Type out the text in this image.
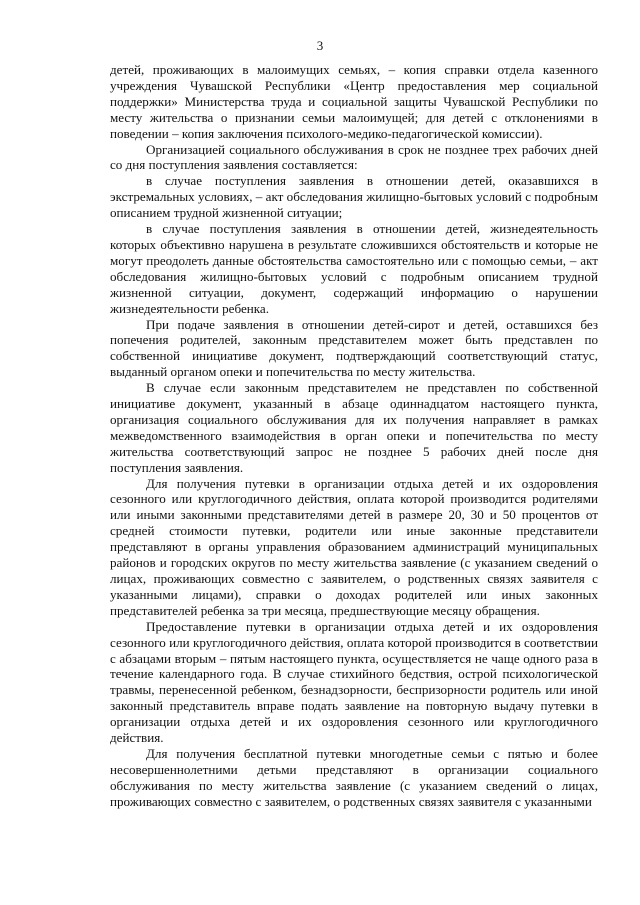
3

детей, проживающих в малоимущих семьях, – копия справки отдела казенного учреждения Чувашской Республики «Центр предоставления мер социальной поддержки» Министерства труда и социальной защиты Чувашской Республики по месту жительства о признании семьи малоимущей; для детей с отклонениями в поведении – копия заключения психолого-медико-педагогической комиссии).

Организацией социального обслуживания в срок не позднее трех рабочих дней со дня поступления заявления составляется:

в случае поступления заявления в отношении детей, оказавшихся в экстремальных условиях, – акт обследования жилищно-бытовых условий с подробным описанием трудной жизненной ситуации;

в случае поступления заявления в отношении детей, жизнедеятельность которых объективно нарушена в результате сложившихся обстоятельств и которые не могут преодолеть данные обстоятельства самостоятельно или с помощью семьи, – акт обследования жилищно-бытовых условий с подробным описанием трудной жизненной ситуации, документ, содержащий информацию о нарушении жизнедеятельности ребенка.

При подаче заявления в отношении детей-сирот и детей, оставшихся без попечения родителей, законным представителем может быть представлен по собственной инициативе документ, подтверждающий соответствующий статус, выданный органом опеки и попечительства по месту жительства.

В случае если законным представителем не представлен по собственной инициативе документ, указанный в абзаце одиннадцатом настоящего пункта, организация социального обслуживания для их получения направляет в рамках межведомственного взаимодействия в орган опеки и попечительства по месту жительства соответствующий запрос не позднее 5 рабочих дней после дня поступления заявления.

Для получения путевки в организации отдыха детей и их оздоровления сезонного или круглогодичного действия, оплата которой производится родителями или иными законными представителями детей в размере 20, 30 и 50 процентов от средней стоимости путевки, родители или иные законные представители представляют в органы управления образованием администраций муниципальных районов и городских округов по месту жительства заявление (с указанием сведений о лицах, проживающих совместно с заявителем, о родственных связях заявителя с указанными лицами), справки о доходах родителей или иных законных представителей ребенка за три месяца, предшествующие месяцу обращения.

Предоставление путевки в организации отдыха детей и их оздоровления сезонного или круглогодичного действия, оплата которой производится в соответствии с абзацами вторым – пятым настоящего пункта, осуществляется не чаще одного раза в течение календарного года. В случае стихийного бедствия, острой психологической травмы, перенесенной ребенком, безнадзорности, беспризорности родитель или иной законный представитель вправе подать заявление на повторную выдачу путевки в организации отдыха детей и их оздоровления сезонного или круглогодичного действия.

Для получения бесплатной путевки многодетные семьи с пятью и более несовершеннолетними детьми представляют в организации социального обслуживания по месту жительства заявление (с указанием сведений о лицах, проживающих совместно с заявителем, о родственных связях заявителя с указанными
